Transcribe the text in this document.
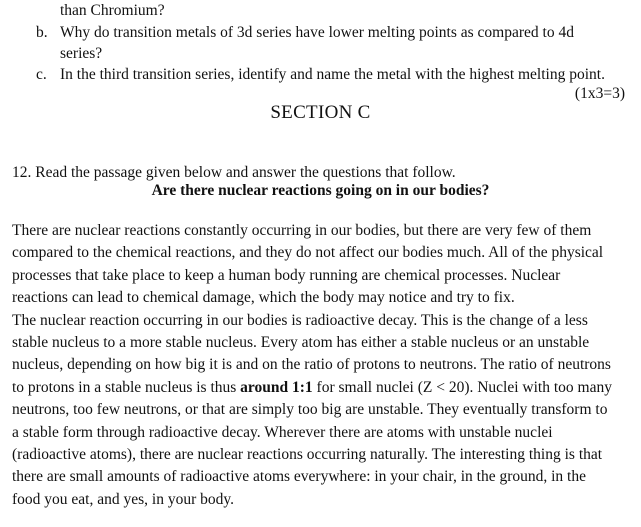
than Chromium?
b. Why do transition metals of 3d series have lower melting points as compared to 4d
series?
c. In the third transition series, identify and name the metal with the highest melting point.
(1x3=3)
SECTION C
12. Read the passage given below and answer the questions that follow.
Are there nuclear reactions going on in our bodies?
There are nuclear reactions constantly occurring in our bodies, but there are very few of them
compared to the chemical reactions, and they do not affect our bodies much. All of the physical
processes that take place to keep a human body running are chemical processes. Nuclear
reactions can lead to chemical damage, which the body may notice and try to fix.
The nuclear reaction occurring in our bodies is radioactive decay. This is the change of a less
stable nucleus to a more stable nucleus. Every atom has either a stable nucleus or an unstable
nucleus, depending on how big it is and on the ratio of protons to neutrons. The ratio of neutrons
to protons in a stable nucleus is thus around 1:1 for small nuclei (Z < 20). Nuclei with too many
neutrons, too few neutrons, or that are simply too big are unstable. They eventually transform to
a stable form through radioactive decay. Wherever there are atoms with unstable nuclei
(radioactive atoms), there are nuclear reactions occurring naturally. The interesting thing is that
there are small amounts of radioactive atoms everywhere: in your chair, in the ground, in the
food you eat, and yes, in your body.
